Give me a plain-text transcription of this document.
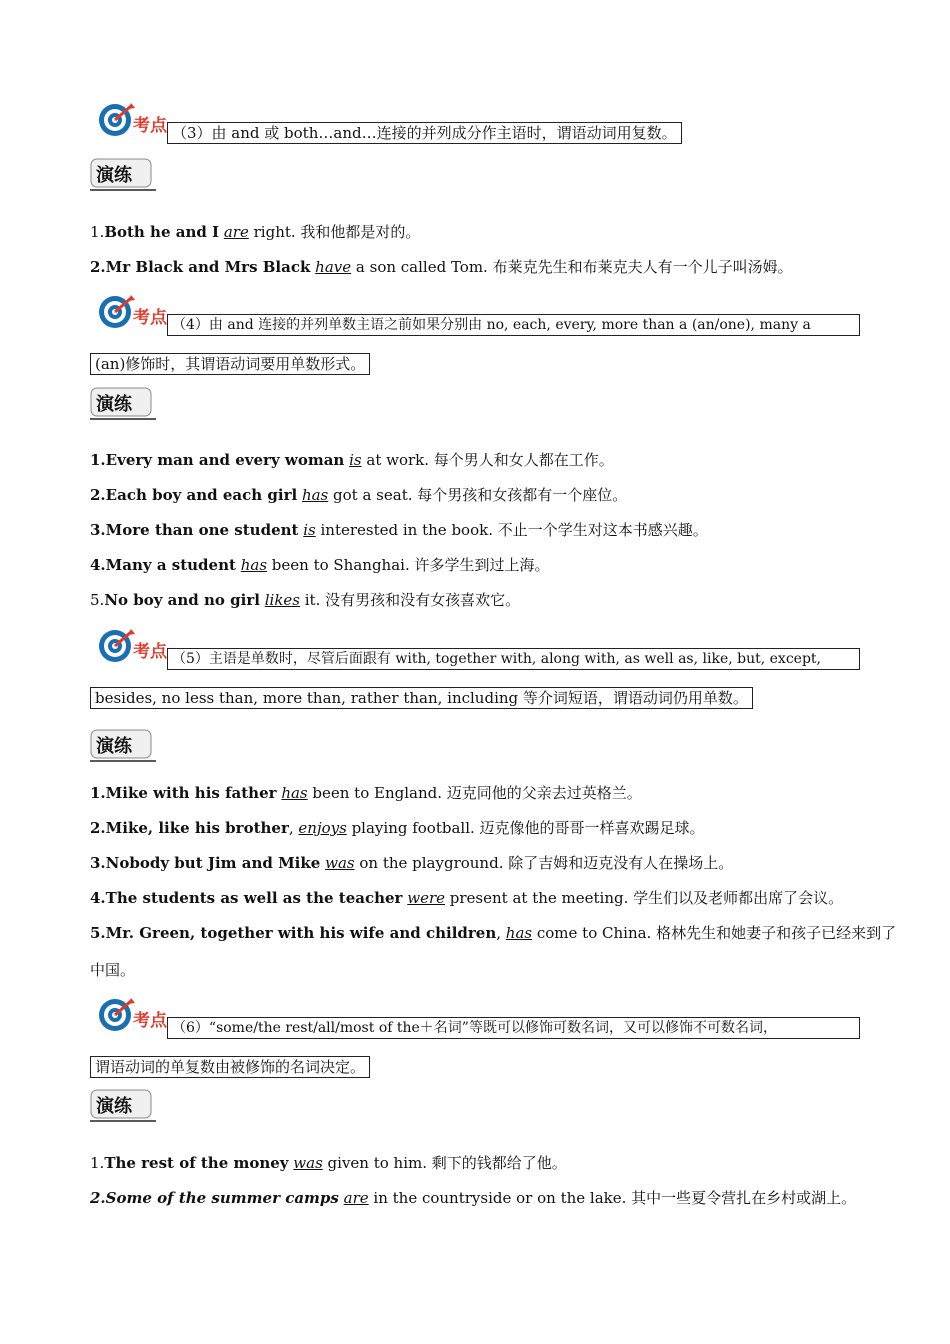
考点 （3）由 and 或 both…and…连接的并列成分作主语时，谓语动词用复数。
演练
1.Both he and I are right. 我和他都是对的。
2.Mr Black and Mrs Black have a son called Tom. 布莱克先生和布莱克夫人有一个儿子叫汤姆。
考点 （4）由 and 连接的并列单数主语之前如果分别由 no, each, every, more than a (an/one), many a
(an)修饰时，其谓语动词要用单数形式。
演练
1.Every man and every woman is at work. 每个男人和女人都在工作。
2.Each boy and each girl has got a seat. 每个男孩和女孩都有一个座位。
3.More than one student is interested in the book. 不止一个学生对这本书感兴趣。
4.Many a student has been to Shanghai. 许多学生到过上海。
5.No boy and no girl likes it. 没有男孩和没有女孩喜欢它。
考点 （5）主语是单数时，尽管后面跟有 with, together with, along with, as well as, like, but, except,
besides, no less than, more than, rather than, including 等介词短语，谓语动词仍用单数。
演练
1.Mike with his father has been to England. 迈克同他的父亲去过英格兰。
2.Mike, like his brother, enjoys playing football. 迈克像他的哥哥一样喜欢踢足球。
3.Nobody but Jim and Mike was on the playground. 除了吉姆和迈克没有人在操场上。
4.The students as well as the teacher were present at the meeting. 学生们以及老师都出席了会议。
5.Mr. Green, together with his wife and children, has come to China. 格林先生和她妻子和孩子已经来到了
中国。
考点 （6）“some/the rest/all/most of the＋名词”等既可以修饰可数名词，又可以修饰不可数名词，
谓语动词的单复数由被修饰的名词决定。
演练
1.The rest of the money was given to him. 剩下的钱都给了他。
2.Some of the summer camps are in the countryside or on the lake. 其中一些夏令营扎在乡村或湖上。
